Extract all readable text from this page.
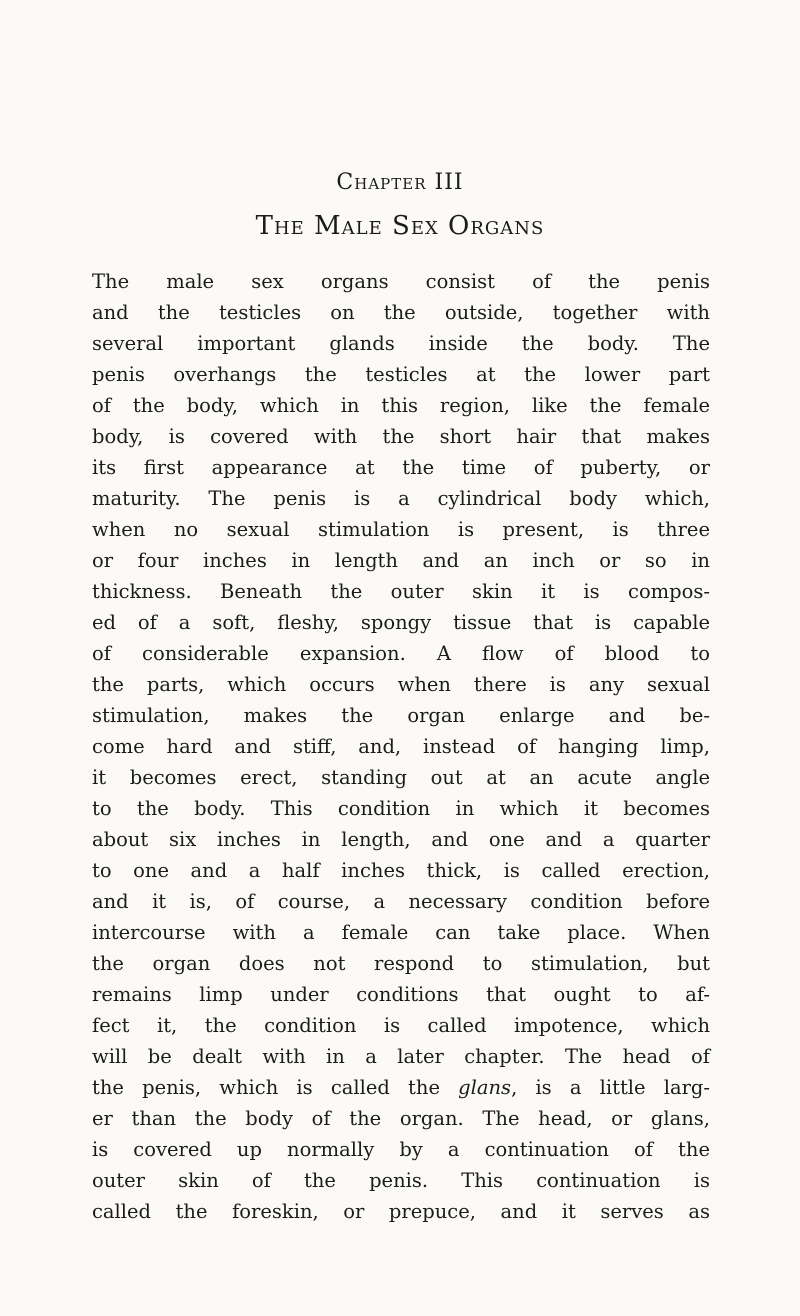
Chapter III
The Male Sex Organs
The male sex organs consist of the penis
and the testicles on the outside, together with
several important glands inside the body. The
penis overhangs the testicles at the lower part
of the body, which in this region, like the female
body, is covered with the short hair that makes
its first appearance at the time of puberty, or
maturity. The penis is a cylindrical body which,
when no sexual stimulation is present, is three
or four inches in length and an inch or so in
thickness. Beneath the outer skin it is compos-
ed of a soft, fleshy, spongy tissue that is capable
of considerable expansion. A flow of blood to
the parts, which occurs when there is any sexual
stimulation, makes the organ enlarge and be-
come hard and stiff, and, instead of hanging limp,
it becomes erect, standing out at an acute angle
to the body. This condition in which it becomes
about six inches in length, and one and a quarter
to one and a half inches thick, is called erection,
and it is, of course, a necessary condition before
intercourse with a female can take place. When
the organ does not respond to stimulation, but
remains limp under conditions that ought to af-
fect it, the condition is called impotence, which
will be dealt with in a later chapter. The head of
the penis, which is called the glans, is a little larg-
er than the body of the organ. The head, or glans,
is covered up normally by a continuation of the
outer skin of the penis. This continuation is
called the foreskin, or prepuce, and it serves as
